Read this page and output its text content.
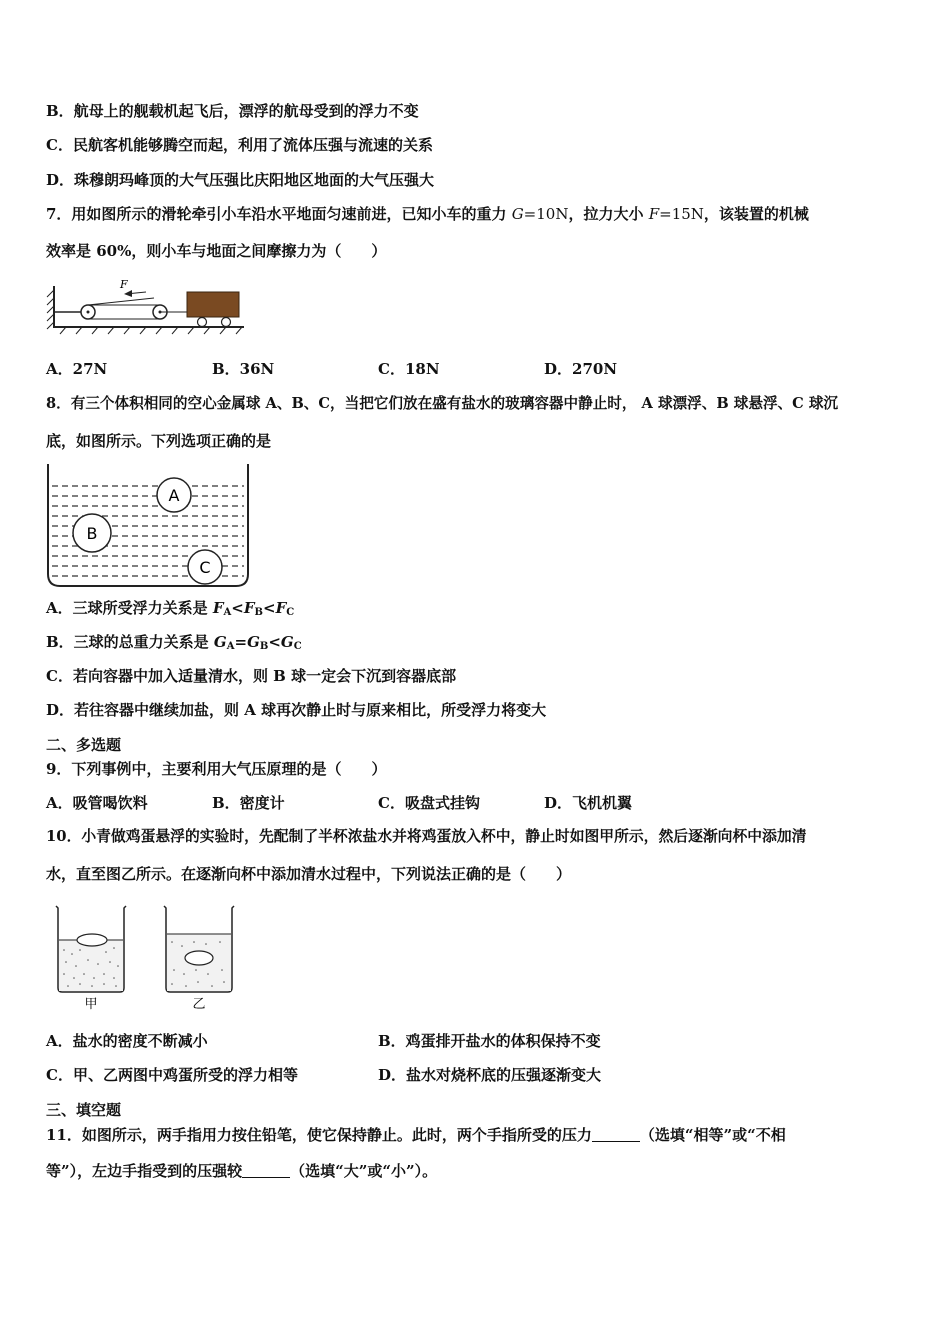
B．航母上的舰载机起飞后，漂浮的航母受到的浮力不变
C．民航客机能够腾空而起，利用了流体压强与流速的关系
D．珠穆朗玛峰顶的大气压强比庆阳地区地面的大气压强大
7．用如图所示的滑轮牵引小车沿水平地面匀速前进，已知小车的重力 G=10N，拉力大小 F=15N，该装置的机械
效率是 60%，则小车与地面之间摩擦力为（　　）
F
A．27N	B．36N	C．18N	D．270N
8．有三个体积相同的空心金属球 A、B、C，当把它们放在盛有盐水的玻璃容器中静止时， A 球漂浮、B 球悬浮、C 球沉
底，如图所示。下列选项正确的是
A
B
C
A．三球所受浮力关系是 $F_A<F_B<F_C$
B．三球的总重力关系是 $G_A=G_B<G_C$
C．若向容器中加入适量清水，则 B 球一定会下沉到容器底部
D．若往容器中继续加盐，则 A 球再次静止时与原来相比，所受浮力将变大
二、多选题
9．下列事例中，主要利用大气压原理的是（　　）
A．吸管喝饮料	B．密度计	C．吸盘式挂钩	D．飞机机翼
10．小青做鸡蛋悬浮的实验时，先配制了半杯浓盐水并将鸡蛋放入杯中，静止时如图甲所示，然后逐渐向杯中添加清
水，直至图乙所示。在逐渐向杯中添加清水过程中，下列说法正确的是（　　）
甲	乙
A．盐水的密度不断减小	B．鸡蛋排开盐水的体积保持不变
C．甲、乙两图中鸡蛋所受的浮力相等	D．盐水对烧杯底的压强逐渐变大
三、填空题
11．如图所示，两手指用力按住铅笔，使它保持静止。此时，两个手指所受的压力	（选填“相等”或“不相
等”），左边手指受到的压强较	（选填“大”或“小”）。
